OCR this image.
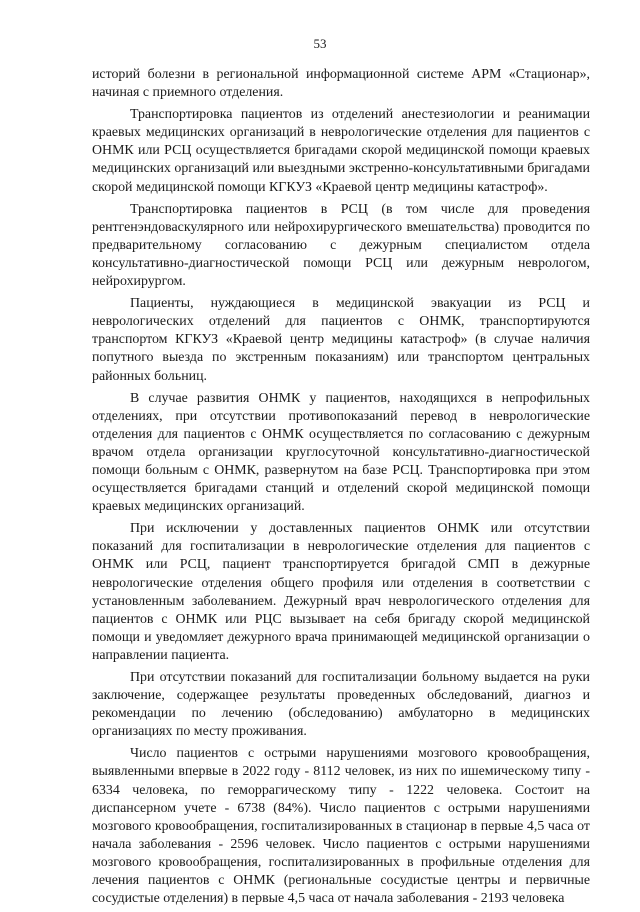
53

историй болезни в региональной информационной системе АРМ «Стационар», начиная с приемного отделения.

Транспортировка пациентов из отделений анестезиологии и реанимации краевых медицинских организаций в неврологические отделения для пациентов с ОНМК или РСЦ осуществляется бригадами скорой медицинской помощи краевых медицинских организаций или выездными экстренно-консультативными бригадами скорой медицинской помощи КГКУЗ «Краевой центр медицины катастроф».

Транспортировка пациентов в РСЦ (в том числе для проведения рентгенэндоваскулярного или нейрохирургического вмешательства) проводится по предварительному согласованию с дежурным специалистом отдела консультативно-диагностической помощи РСЦ или дежурным неврологом, нейрохирургом.

Пациенты, нуждающиеся в медицинской эвакуации из РСЦ и неврологических отделений для пациентов с ОНМК, транспортируются транспортом КГКУЗ «Краевой центр медицины катастроф» (в случае наличия попутного выезда по экстренным показаниям) или транспортом центральных районных больниц.

В случае развития ОНМК у пациентов, находящихся в непрофильных отделениях, при отсутствии противопоказаний перевод в неврологические отделения для пациентов с ОНМК осуществляется по согласованию с дежурным врачом отдела организации круглосуточной консультативно-диагностической помощи больным с ОНМК, развернутом на базе РСЦ. Транспортировка при этом осуществляется бригадами станций и отделений скорой медицинской помощи краевых медицинских организаций.

При исключении у доставленных пациентов ОНМК или отсутствии показаний для госпитализации в неврологические отделения для пациентов с ОНМК или РСЦ, пациент транспортируется бригадой СМП в дежурные неврологические отделения общего профиля или отделения в соответствии с установленным заболеванием. Дежурный врач неврологического отделения для пациентов с ОНМК или РЦС вызывает на себя бригаду скорой медицинской помощи и уведомляет дежурного врача принимающей медицинской организации о направлении пациента.

При отсутствии показаний для госпитализации больному выдается на руки заключение, содержащее результаты проведенных обследований, диагноз и рекомендации по лечению (обследованию) амбулаторно в медицинских организациях по месту проживания.

Число пациентов с острыми нарушениями мозгового кровообращения, выявленными впервые в 2022 году - 8112 человек, из них по ишемическому типу - 6334 человека, по геморрагическому типу - 1222 человека. Состоит на диспансерном учете - 6738 (84%). Число пациентов с острыми нарушениями мозгового кровообращения, госпитализированных в стационар в первые 4,5 часа от начала заболевания - 2596 человек. Число пациентов с острыми нарушениями мозгового кровообращения, госпитализированных в профильные отделения для лечения пациентов с ОНМК (региональные сосудистые центры и первичные сосудистые отделения) в первые 4,5 часа от начала заболевания - 2193 человека
